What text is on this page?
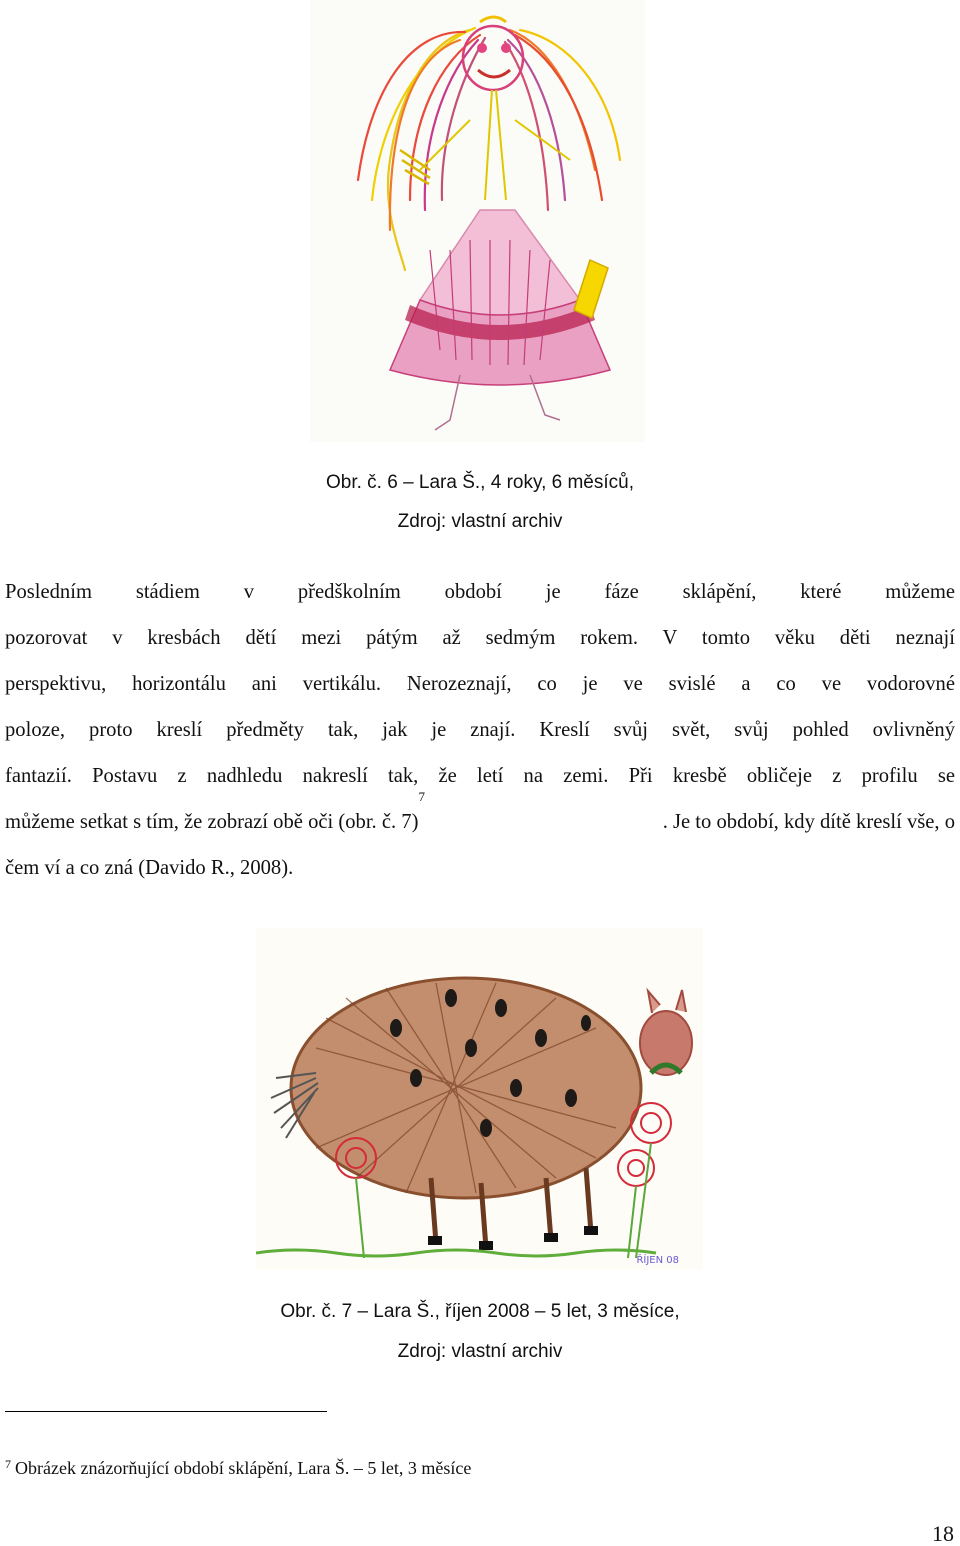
Obr. č. 6 – Lara Š., 4 roky, 6 měsíců,
Zdroj: vlastní archiv
Posledním stádiem v předškolním období je fáze sklápění, které můžeme
pozorovat v kresbách dětí mezi pátým až sedmým rokem. V tomto věku děti neznají
perspektivu, horizontálu ani vertikálu. Nerozeznají, co je ve svislé a co ve vodorovné
poloze, proto kreslí předměty tak, jak je znají. Kreslí svůj svět, svůj pohled ovlivněný
fantazií. Postavu z nadhledu nakreslí tak, že letí na zemi. Při kresbě obličeje z profilu se
můžeme setkat s tím, že zobrazí obě oči (obr. č. 7)$^7$
. Je to období, kdy dítě kreslí vše, o
čem ví a co zná (Davido R., 2008).
ŘÍJEN 08
Obr. č. 7 – Lara Š., říjen 2008 – 5 let, 3 měsíce,
Zdroj: vlastní archiv
$^7$ Obrázek znázorňující období sklápění, Lara Š. – 5 let, 3 měsíce
18
